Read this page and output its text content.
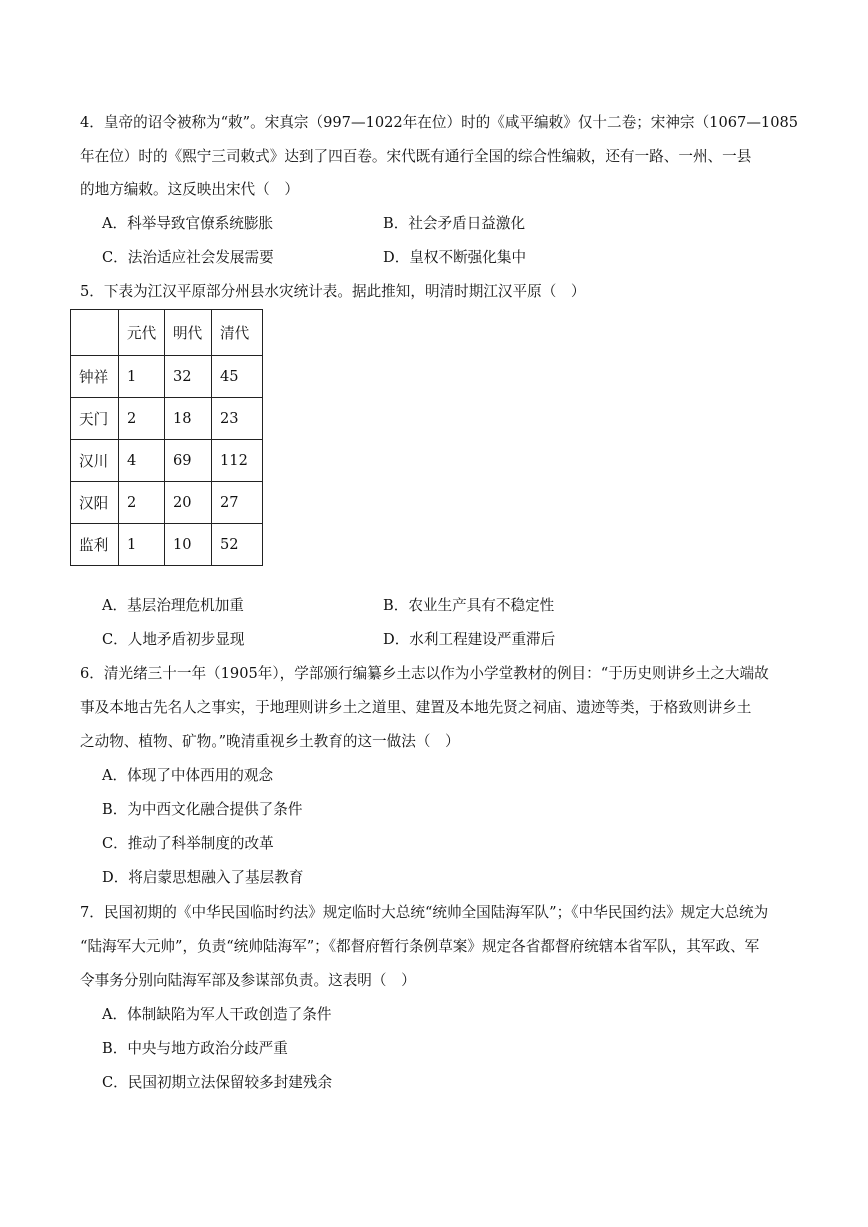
4．皇帝的诏令被称为“敕”。宋真宗（997—1022年在位）时的《咸平编敕》仅十二卷；宋神宗（1067—1085
年在位）时的《熙宁三司敕式》达到了四百卷。宋代既有通行全国的综合性编敕，还有一路、一州、一县
的地方编敕。这反映出宋代（　）
A．科举导致官僚系统膨胀	B．社会矛盾日益激化
C．法治适应社会发展需要	D．皇权不断强化集中
5．下表为江汉平原部分州县水灾统计表。据此推知，明清时期江汉平原（　）
	元代	明代	清代
钟祥	1	32	45
天门	2	18	23
汉川	4	69	112
汉阳	2	20	27
监利	1	10	52
A．基层治理危机加重	B．农业生产具有不稳定性
C．人地矛盾初步显现	D．水利工程建设严重滞后
6．清光绪三十一年（1905年），学部颁行编纂乡土志以作为小学堂教材的例目：“于历史则讲乡土之大端故
事及本地古先名人之事实，于地理则讲乡土之道里、建置及本地先贤之祠庙、遗迹等类，于格致则讲乡土
之动物、植物、矿物。”晚清重视乡土教育的这一做法（　）
A．体现了中体西用的观念
B．为中西文化融合提供了条件
C．推动了科举制度的改革
D．将启蒙思想融入了基层教育
7．民国初期的《中华民国临时约法》规定临时大总统“统帅全国陆海军队”；《中华民国约法》规定大总统为
“陆海军大元帅”，负责“统帅陆海军”；《都督府暂行条例草案》规定各省都督府统辖本省军队，其军政、军
令事务分别向陆海军部及参谋部负责。这表明（　）
A．体制缺陷为军人干政创造了条件
B．中央与地方政治分歧严重
C．民国初期立法保留较多封建残余
